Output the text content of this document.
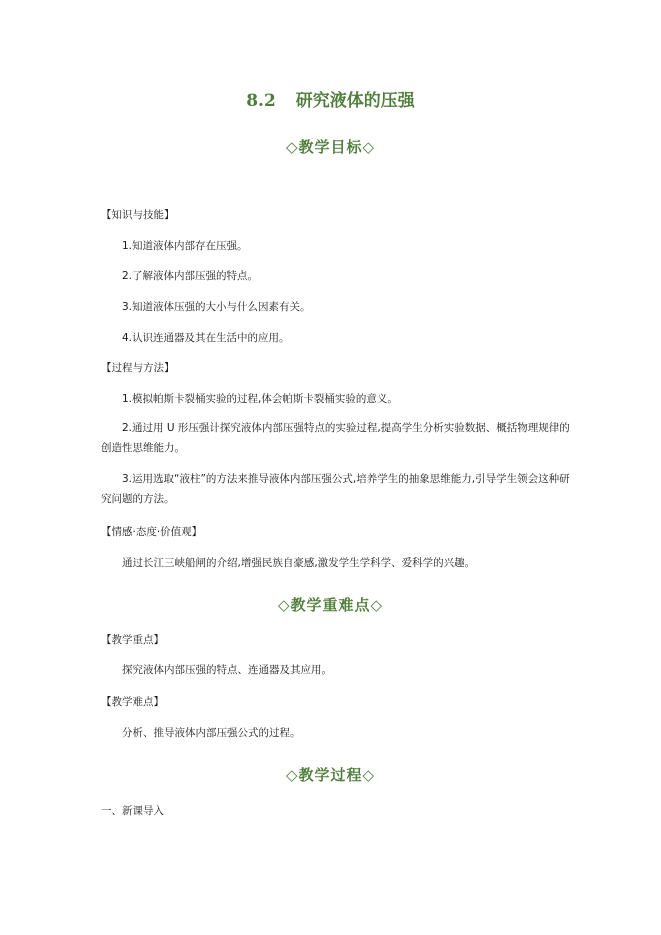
8.2 研究液体的压强
◇教学目标◇
【知识与技能】
1.知道液体内部存在压强。
2.了解液体内部压强的特点。
3.知道液体压强的大小与什么因素有关。
4.认识连通器及其在生活中的应用。
【过程与方法】
1.模拟帕斯卡裂桶实验的过程,体会帕斯卡裂桶实验的意义。
2.通过用 U 形压强计探究液体内部压强特点的实验过程,提高学生分析实验数据、概括物理规律的创造性思维能力。
3.运用选取“液柱”的方法来推导液体内部压强公式,培养学生的抽象思维能力,引导学生领会这种研究问题的方法。
【情感·态度·价值观】
通过长江三峡船闸的介绍,增强民族自豪感,激发学生学科学、爱科学的兴趣。
◇教学重难点◇
【教学重点】
探究液体内部压强的特点、连通器及其应用。
【教学难点】
分析、推导液体内部压强公式的过程。
◇教学过程◇
一、新课导入
